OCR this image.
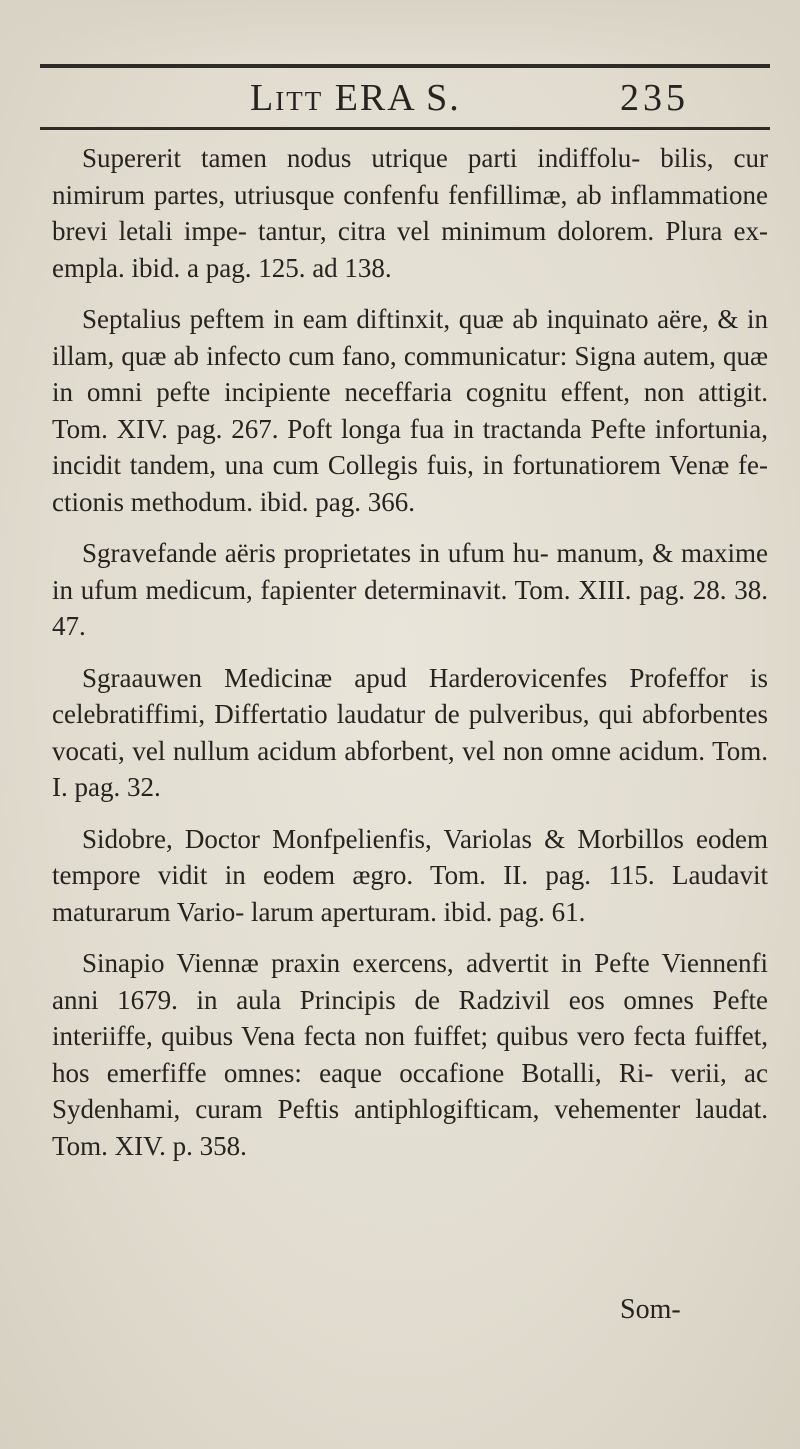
Litt ERA S.	235

Supererit tamen nodus utrique parti indiffolu- bilis, cur nimirum partes, utriusque confenfu fenfillimæ, ab inflammatione brevi letali impe- tantur, citra vel minimum dolorem. Plura ex- empla. ibid. a pag. 125. ad 138.

Septalius peftem in eam diftinxit, quæ ab inquinato aëre, & in illam, quæ ab infecto cum fano, communicatur: Signa autem, quæ in omni pefte incipiente neceffaria cognitu effent, non attigit. Tom. XIV. pag. 267. Poft longa fua in tractanda Pefte infortunia, incidit tandem, una cum Collegis fuis, in fortunatiorem Venæ fe- ctionis methodum. ibid. pag. 366.

Sgravefande aëris proprietates in ufum hu- manum, & maxime in ufum medicum, fapienter determinavit. Tom. XIII. pag. 28. 38. 47.

Sgraauwen Medicinæ apud Harderovicenfes Profeffor is celebratiffimi, Differtatio laudatur de pulveribus, qui abforbentes vocati, vel nullum acidum abforbent, vel non omne acidum. Tom. I. pag. 32.

Sidobre, Doctor Monfpelienfis, Variolas & Morbillos eodem tempore vidit in eodem ægro. Tom. II. pag. 115. Laudavit maturarum Vario- larum aperturam. ibid. pag. 61.

Sinapio Viennæ praxin exercens, advertit in Pefte Viennenfi anni 1679. in aula Principis de Radzivil eos omnes Pefte interiiffe, quibus Vena fecta non fuiffet; quibus vero fecta fuiffet, hos emerfiffe omnes: eaque occafione Botalli, Ri- verii, ac Sydenhami, curam Peftis antiphlogifticam, vehementer laudat. Tom. XIV. p. 358.

Som-
